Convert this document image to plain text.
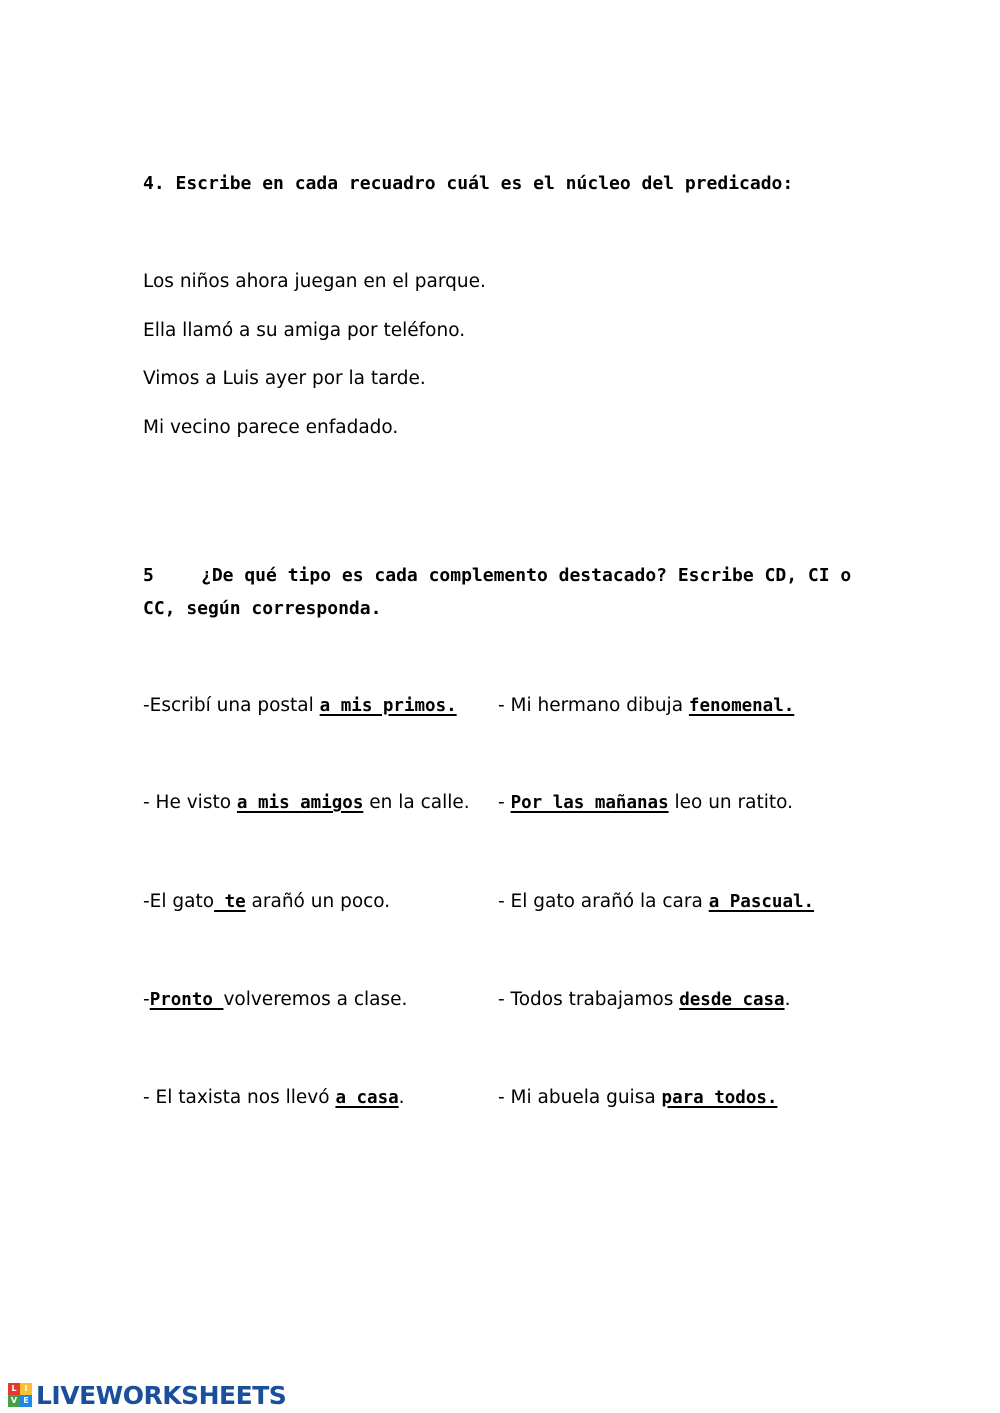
4. Escribe en cada recuadro cuál es el núcleo del predicado:
Los niños ahora juegan en el parque.
Ella llamó a su amiga por teléfono.
Vimos a Luis ayer por la tarde.
Mi vecino parece enfadado.
5	¿De qué tipo es cada complemento destacado? Escribe CD, CI o
CC, según corresponda.
-Escribí una postal a mis primos. - Mi hermano dibuja fenomenal.
- He visto a mis amigos en la calle. - Por las mañanas leo un ratito.
-El gato te arañó un poco.	- El gato arañó la cara a Pascual.
-Pronto volveremos a clase.	- Todos trabajamos desde casa.
- El taxista nos llevó a casa.	- Mi abuela guisa para todos.
L I
V E LIVEWORKSHEETS
